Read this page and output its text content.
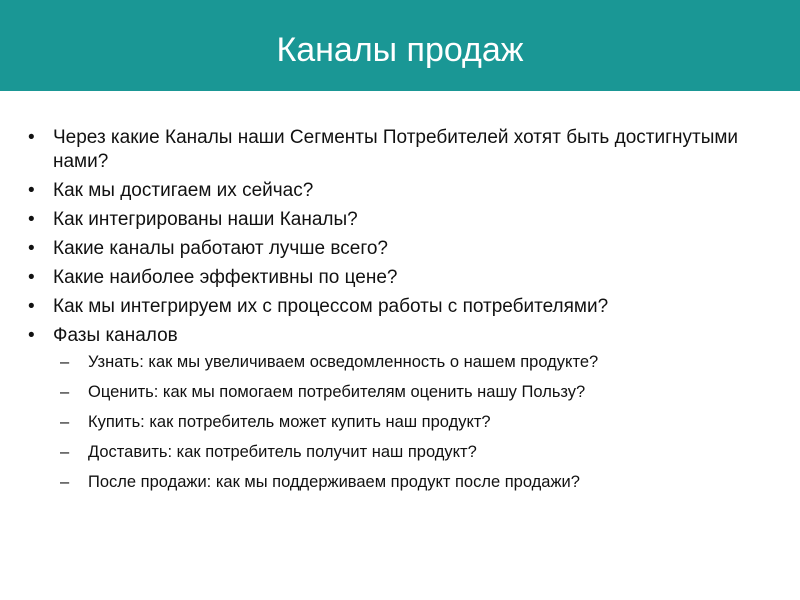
Каналы продаж
• Через какие Каналы наши Сегменты Потребителей хотят быть достигнутыми нами?
• Как мы достигаем их сейчас?
• Как интегрированы наши Каналы?
• Какие каналы работают лучше всего?
• Какие наиболее эффективны по цене?
• Как мы интегрируем их с процессом работы с потребителями?
• Фазы каналов
–	Узнать: как мы увеличиваем осведомленность о нашем продукте?
–	Оценить: как мы помогаем потребителям оценить нашу Пользу?
–	Купить: как потребитель может купить наш продукт?
–	Доставить: как потребитель получит наш продукт?
–	После продажи: как мы поддерживаем продукт после продажи?
